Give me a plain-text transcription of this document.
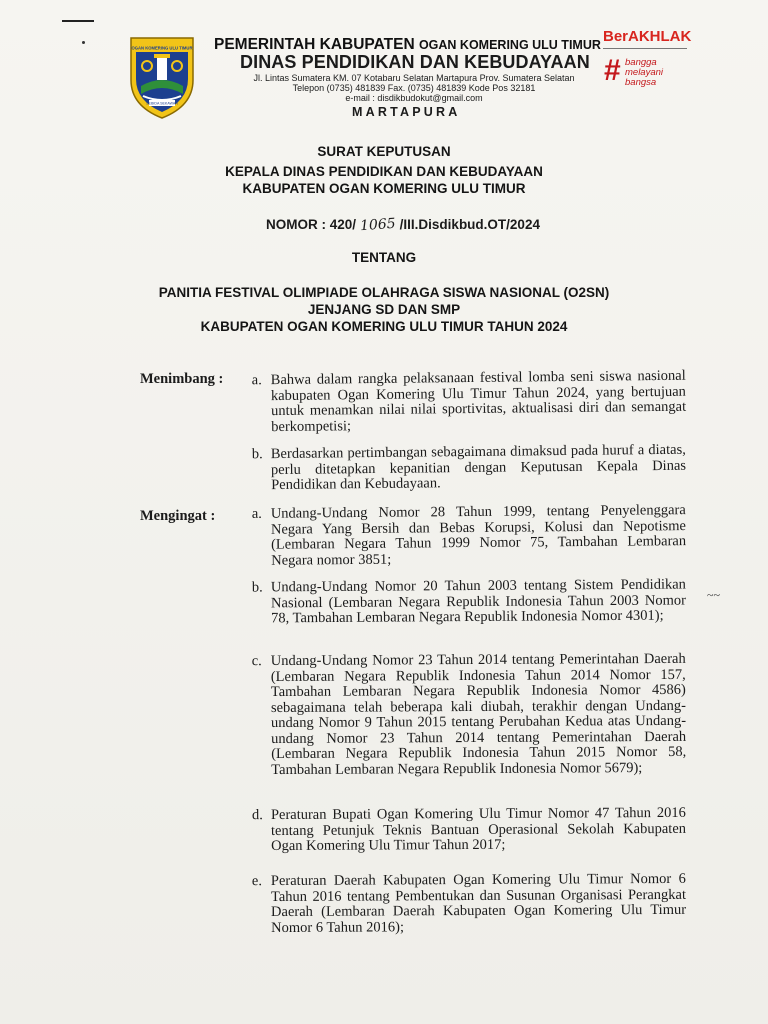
OGAN KOMERING ULU TIMUR
SEBIDA SEKAWAN
PEMERINTAH KABUPATEN OGAN KOMERING ULU TIMUR
DINAS PENDIDIKAN DAN KEBUDAYAAN
Jl. Lintas Sumatera KM. 07 Kotabaru Selatan Martapura Prov. Sumatera Selatan
Telepon (0735) 481839 Fax. (0735) 481839 Kode Pos 32181
e-mail : disdikbudokut@gmail.com
MARTAPURA
BerAKHLAK
# bangga
melayani
bangsa
SURAT KEPUTUSAN
KEPALA DINAS PENDIDIKAN DAN KEBUDAYAAN
KABUPATEN OGAN KOMERING ULU TIMUR
NOMOR : 420/ 1065 /III.Disdikbud.OT/2024
TENTANG
PANITIA FESTIVAL OLIMPIADE OLAHRAGA SISWA NASIONAL (O2SN)
JENJANG SD DAN SMP
KABUPATEN OGAN KOMERING ULU TIMUR TAHUN 2024
Menimbang : a. Bahwa dalam rangka pelaksanaan festival lomba seni siswa nasional kabupaten Ogan Komering Ulu Timur Tahun 2024, yang bertujuan untuk menamkan nilai nilai sportivitas, aktualisasi diri dan semangat berkompetisi;
b. Berdasarkan pertimbangan sebagaimana dimaksud pada huruf a diatas, perlu ditetapkan kepanitian dengan Keputusan Kepala Dinas Pendidikan dan Kebudayaan.
Mengingat :	a. Undang-Undang Nomor 28 Tahun 1999, tentang Penyelenggara Negara Yang Bersih dan Bebas Korupsi, Kolusi dan Nepotisme (Lembaran Negara Tahun 1999 Nomor 75, Tambahan Lembaran Negara nomor 3851;
b. Undang-Undang Nomor 20 Tahun 2003 tentang Sistem Pendidikan Nasional (Lembaran Negara Republik Indonesia Tahun 2003 Nomor 78, Tambahan Lembaran Negara Republik Indonesia Nomor 4301);
c. Undang-Undang Nomor 23 Tahun 2014 tentang Pemerintahan Daerah (Lembaran Negara Republik Indonesia Tahun 2014 Nomor 157, Tambahan Lembaran Negara Republik Indonesia Nomor 4586) sebagaimana telah beberapa kali diubah, terakhir dengan Undang-undang Nomor 9 Tahun 2015 tentang Perubahan Kedua atas Undang-undang Nomor 23 Tahun 2014 tentang Pemerintahan Daerah (Lembaran Negara Republik Indonesia Tahun 2015 Nomor 58, Tambahan Lembaran Negara Republik Indonesia Nomor 5679);
d. Peraturan Bupati Ogan Komering Ulu Timur Nomor 47 Tahun 2016 tentang Petunjuk Teknis Bantuan Operasional Sekolah Kabupaten Ogan Komering Ulu Timur Tahun 2017;
e. Peraturan Daerah Kabupaten Ogan Komering Ulu Timur Nomor 6 Tahun 2016 tentang Pembentukan dan Susunan Organisasi Perangkat Daerah (Lembaran Daerah Kabupaten Ogan Komering Ulu Timur Nomor 6 Tahun 2016);
~~
